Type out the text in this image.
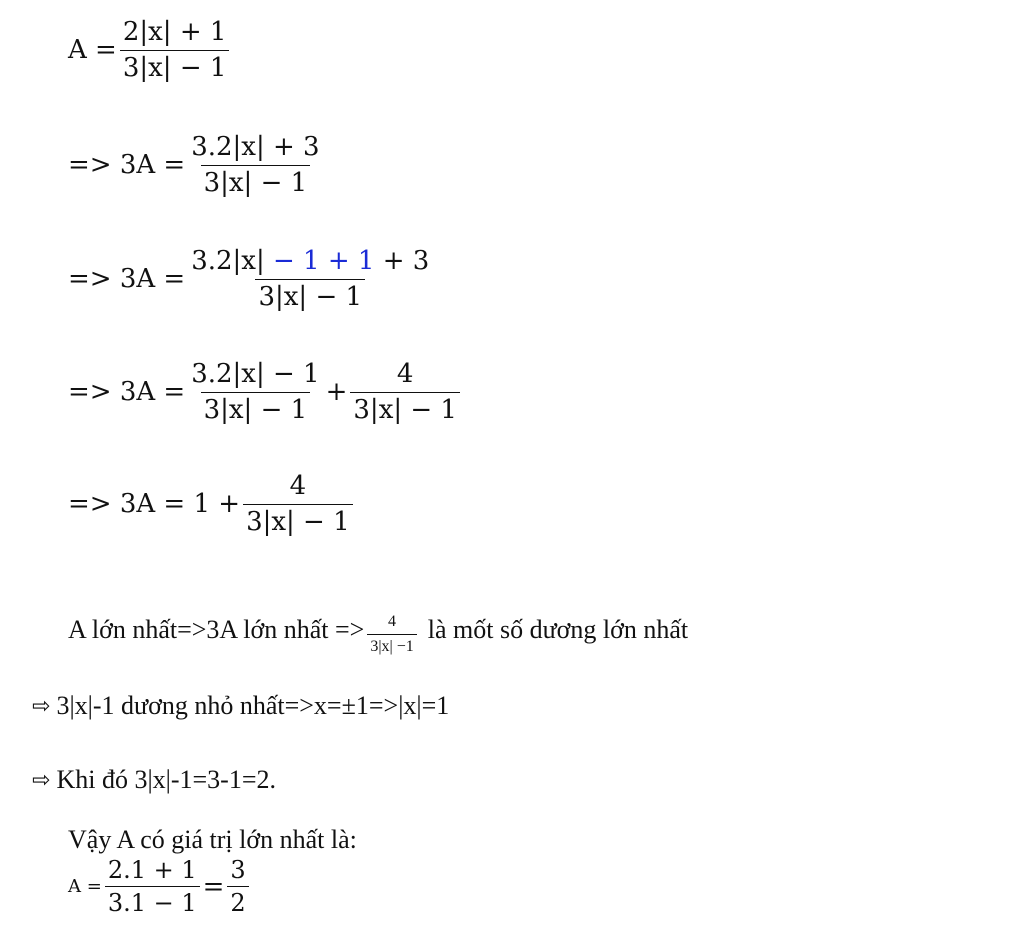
$A = \frac{2|x| + 1}{3|x| - 1}$
=> $3A = \frac{3.2|x| + 3}{3|x| - 1}$
=> $3A = \frac{3.2|x| - 1 + 1 + 3}{3|x| - 1}$
=> $3A = \frac{3.2|x| - 1}{3|x| - 1} + \frac{4}{3|x| - 1}$
=> $3A = 1 + \frac{4}{3|x| - 1}$
A lớn nhất=>3A lớn nhất => $\frac{4}{3|x| -1}$ là mốt số dương lớn nhất
⇨ 3|x|-1 dương nhỏ nhất=>x=±1=>|x|=1
⇨ Khi đó 3|x|-1=3-1=2.
Vậy A có giá trị lớn nhất là:
$A = \frac{2.1 + 1}{3.1 - 1} = \frac{3}{2}$
